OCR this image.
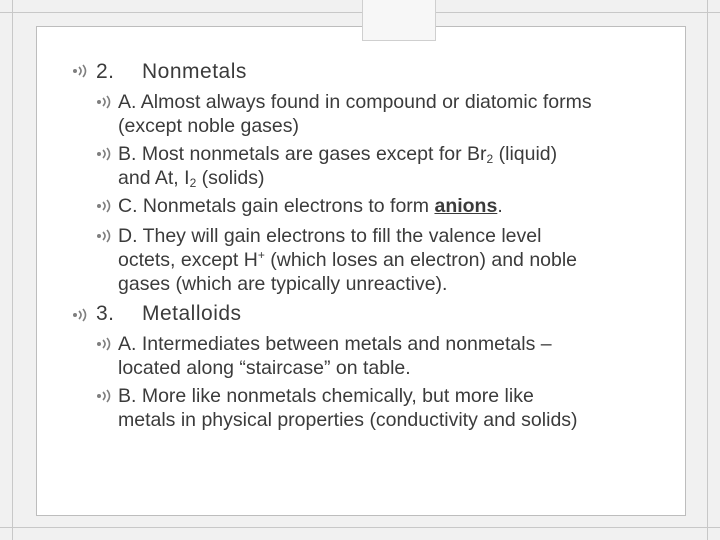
2. Nonmetals
A. Almost always found in compound or diatomic forms
(except noble gases)
B. Most nonmetals are gases except for $Br_2$ (liquid)
and At, $I_2$ (solids)
C. Nonmetals gain electrons to form anions.
D. They will gain electrons to fill the valence level
octets, except H+ (which loses an electron) and noble
gases (which are typically unreactive).
3. Metalloids
A. Intermediates between metals and nonmetals –
located along “staircase” on table.
B. More like nonmetals chemically, but more like
metals in physical properties (conductivity and solids)
